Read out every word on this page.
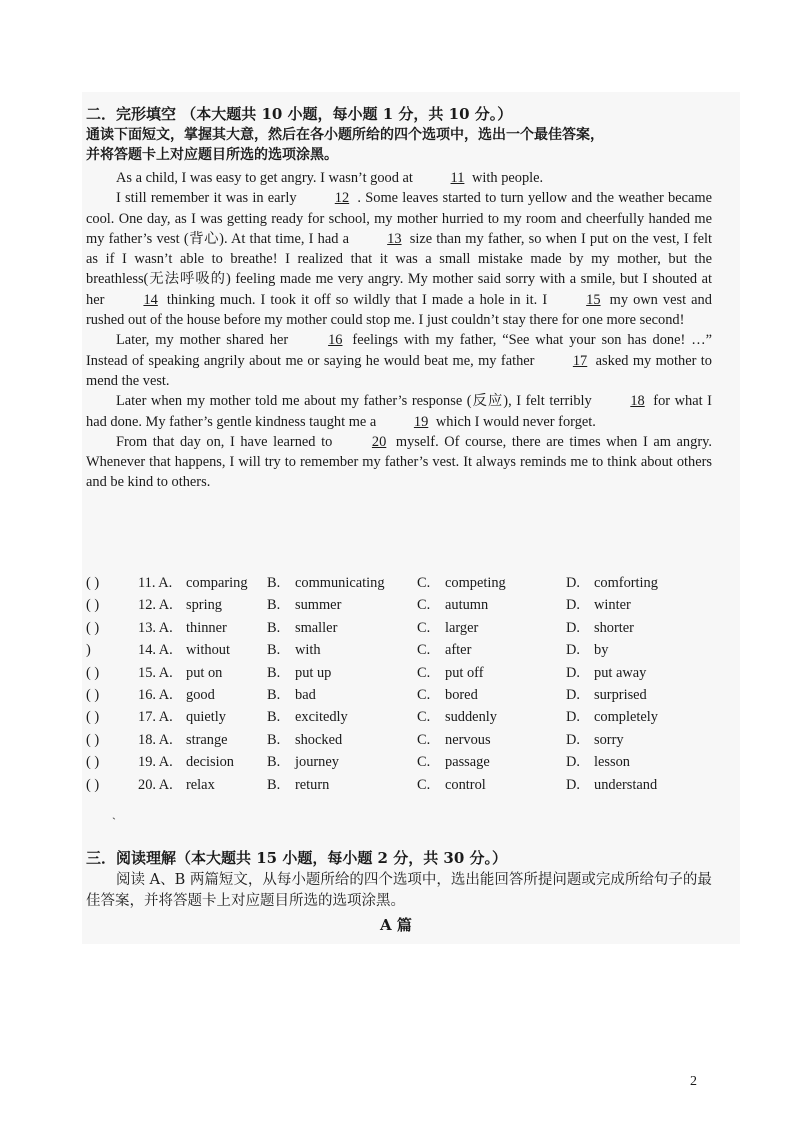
二．完形填空 （本大题共 10 小题，每小题 1 分，共 10 分。）
通读下面短文，掌握其大意，然后在各小题所给的四个选项中，选出一个最佳答案，
并将答题卡上对应题目所选的选项涂黑。

As a child, I was easy to get angry. I wasn’t good at	11 with people.

I still remember it was in early	12 . Some leaves started to turn yellow and the weather became cool. One day, as I was getting ready for school, my mother hurried to my room and cheerfully handed me my father’s vest (背心). At that time, I had a	13 size than my father, so when I put on the vest, I felt as if I wasn’t able to breathe! I realized that it was a small mistake made by my mother, but the breathless(无法呼吸的) feeling made me very angry. My mother said sorry with a smile, but I shouted at her	14 thinking much. I took it off so wildly that I made a hole in it. I	15 my own vest and rushed out of the house before my mother could stop me. I just couldn’t stay there for one more second!

Later, my mother shared her	16 feelings with my father, “See what your son has done! …” Instead of speaking angrily about me or saying he would beat me, my father	17 asked my mother to mend the vest.

Later when my mother told me about my father’s response (反应), I felt terribly	18 for what I had done. My father’s gentle kindness taught me a	19 which I would never forget.

From that day on, I have learned to	20 myself. Of course, there are times when I am angry. Whenever that happens, I will try to remember my father’s vest. It always reminds me to think about others and be kind to others.

( )	11. A. comparing B.	communicating C.	competing	D. comforting
( )	12. A. spring	B.	summer	C.	autumn	D. winter
( )	13. A. thinner	B.	smaller	C.	larger	D. shorter
)	14. A. without	B.	with	C.	after	D. by
( )	15. A. put on	B.	put up	C.	put off	D. put away
( )	16. A. good	B.	bad	C.	bored	D. surprised
( )	17. A. quietly	B.	excitedly	C.	suddenly	D. completely
( )	18. A. strange	B.	shocked	C.	nervous	D. sorry
( )	19. A. decision B.	journey	C.	passage	D. lesson
( )	20. A. relax	B.	return	C.	control	D. understand
ˏ
三．阅读理解（本大题共 15 小题，每小题 2 分，共 30 分。）

阅读 A、B 两篇短文，从每小题所给的四个选项中，选出能回答所提问题或完成所给句子的最佳答案，并将答题卡上对应题目所选的选项涂黑。

A 篇
2
